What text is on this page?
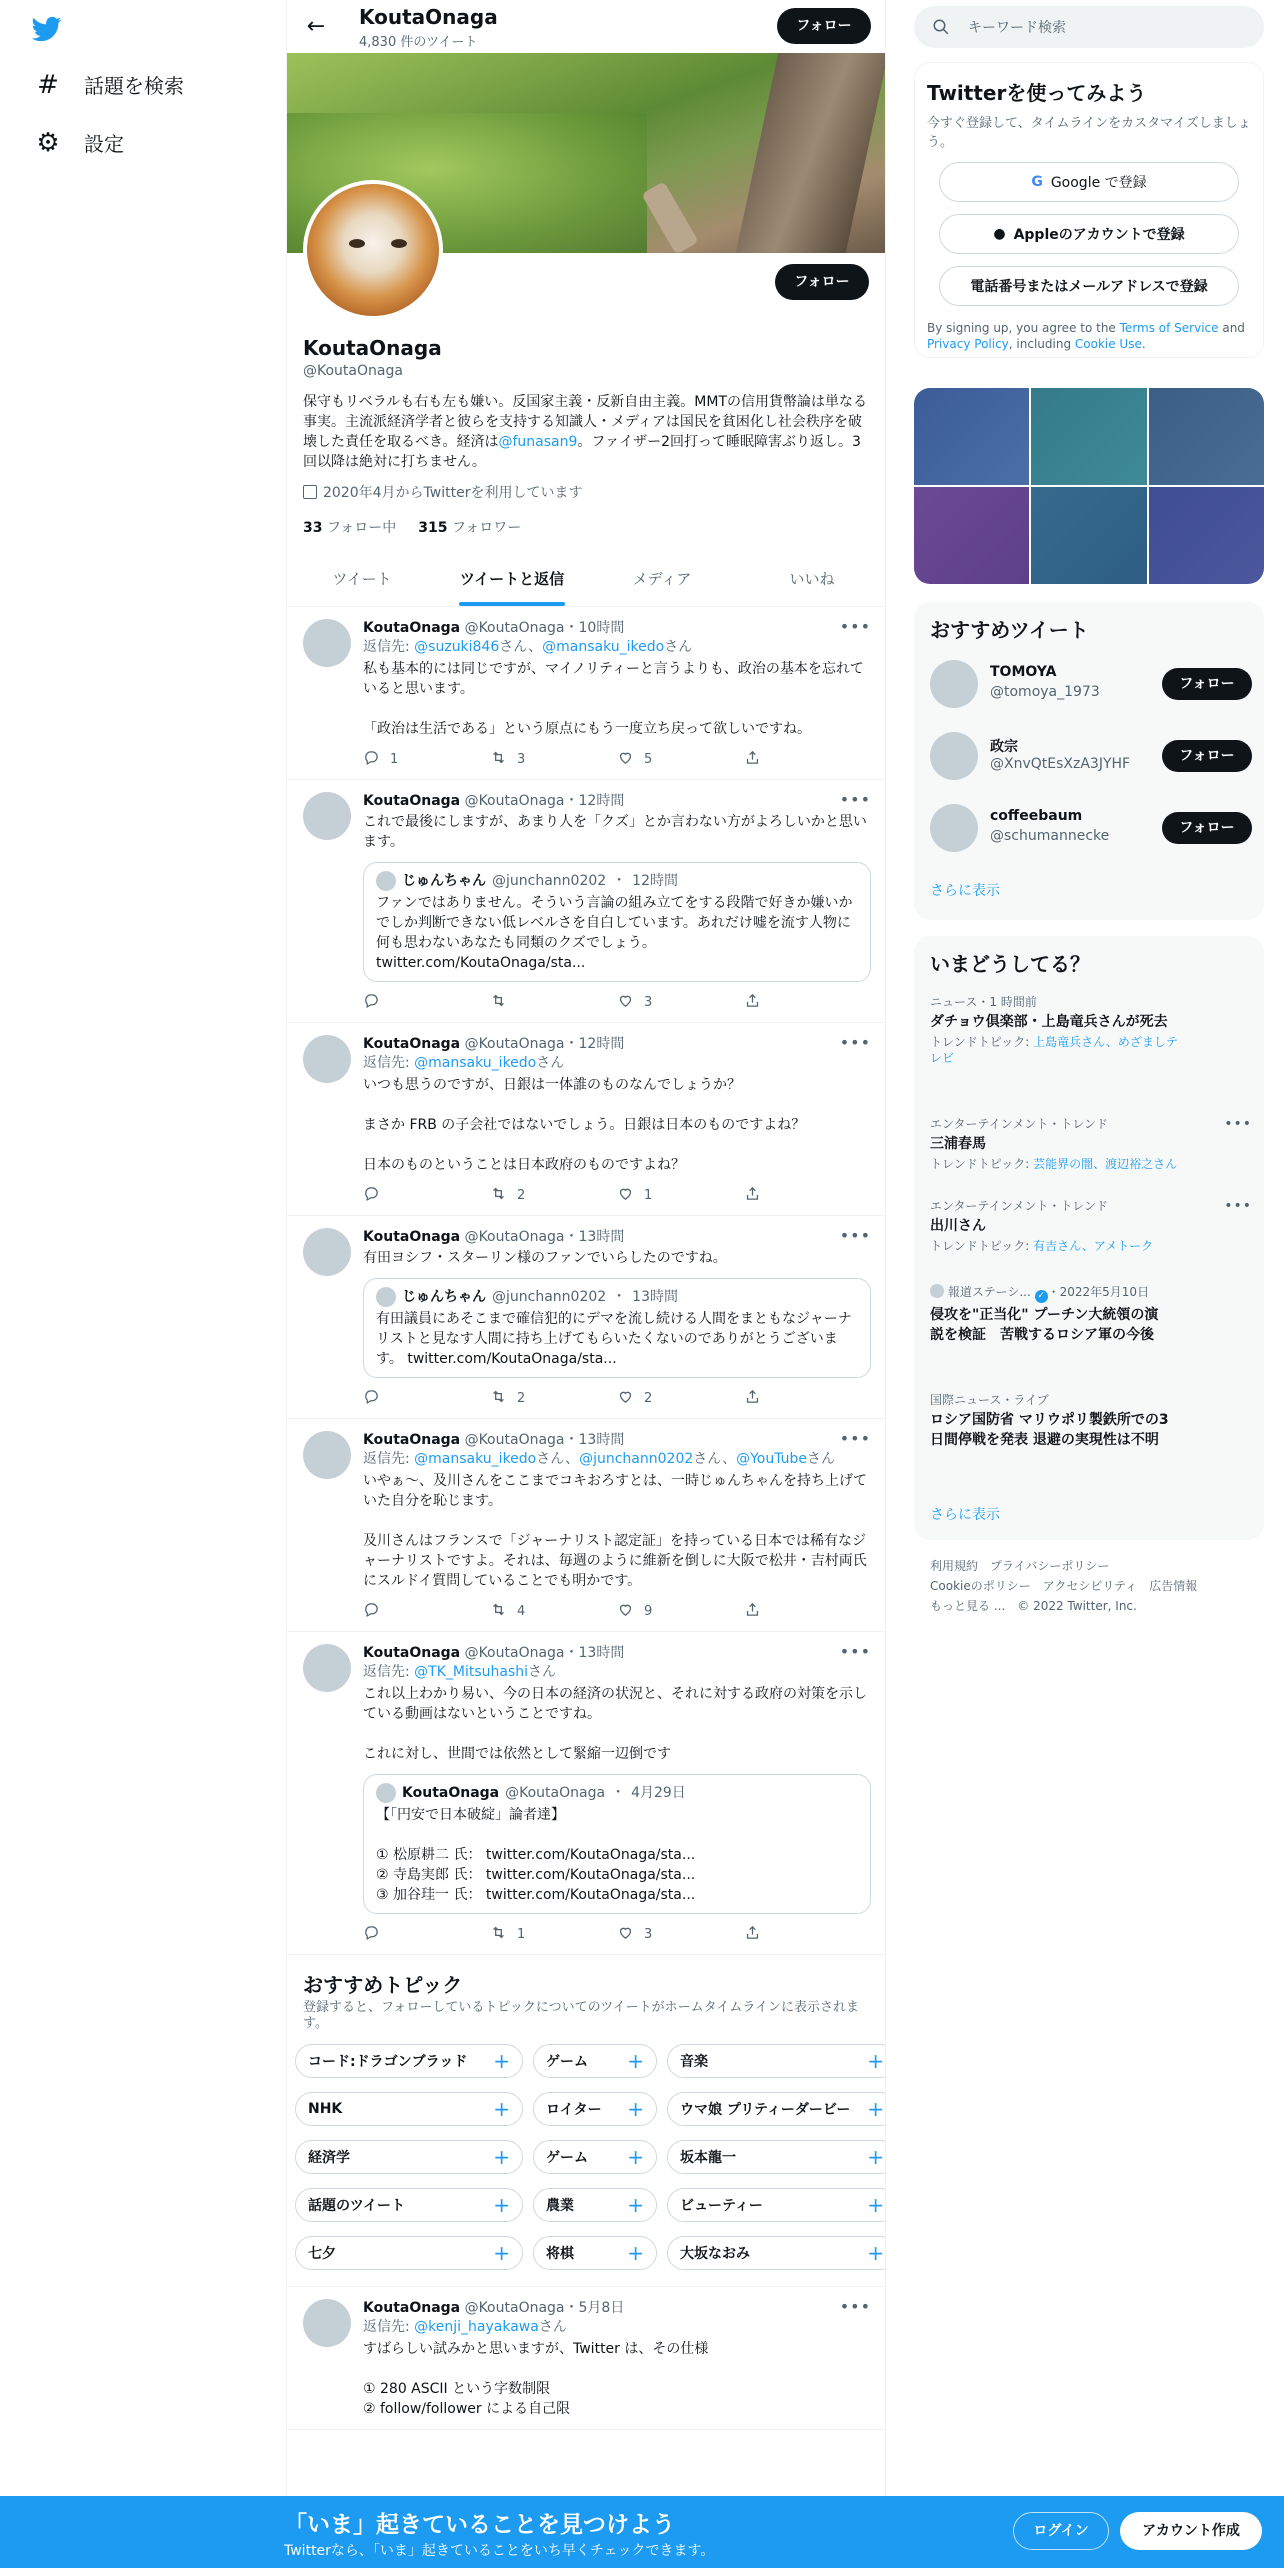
# 話題を検索
⚙ 設定
← KoutaOnaga
4,830 件のツイート
フォロー
フォロー
KoutaOnaga
@KoutaOnaga
保守もリベラルも右も左も嫌い。反国家主義・反新自由主義。MMTの信用貨幣論は単なる事実。主流派経済学者と彼らを支持する知識人・メディアは国民を貧困化し社会秩序を破壊した責任を取るべき。経済は@funasan9。ファイザー2回打って睡眠障害ぶり返し。3回以降は絶対に打ちません。
2020年4月からTwitterを利用しています
33 フォロー中 315 フォロワー
ツイート	ツイートと返信	メディア	いいね
•••
KoutaOnaga @KoutaOnaga・10時間
返信先: @suzuki846さん、@mansaku_ikedoさん
私も基本的には同じですが、マイノリティーと言うよりも、政治の基本を忘れていると思います。

「政治は生活である」という原点にもう一度立ち戻って欲しいですね。
1	3	5
•••
KoutaOnaga @KoutaOnaga・12時間
これで最後にしますが、あまり人を「クズ」とか言わない方がよろしいかと思います。
じゅんちゃん @junchann0202 ・ 12時間
ファンではありません。そういう言論の組み立てをする段階で好きか嫌いかでしか判断できない低レベルさを自白しています。あれだけ嘘を流す人物に何も思わないあなたも同類のクズでしょう。
twitter.com/KoutaOnaga/sta...
3
•••
KoutaOnaga @KoutaOnaga・12時間
返信先: @mansaku_ikedoさん
いつも思うのですが、日銀は一体誰のものなんでしょうか？

まさか FRB の子会社ではないでしょう。日銀は日本のものですよね？

日本のものということは日本政府のものですよね？
2	1
•••
KoutaOnaga @KoutaOnaga・13時間
有田ヨシフ・スターリン様のファンでいらしたのですね。
じゅんちゃん @junchann0202 ・ 13時間
有田議員にあそこまで確信犯的にデマを流し続ける人間をまともなジャーナリストと見なす人間に持ち上げてもらいたくないのでありがとうございます。 twitter.com/KoutaOnaga/sta...
2	2
•••
KoutaOnaga @KoutaOnaga・13時間
返信先: @mansaku_ikedoさん、@junchann0202さん、@YouTubeさん
いやぁ〜、及川さんをここまでコキおろすとは、一時じゅんちゃんを持ち上げていた自分を恥じます。

及川さんはフランスで「ジャーナリスト認定証」を持っている日本では稀有なジャーナリストですよ。それは、毎週のように維新を倒しに大阪で松井・吉村両氏にスルドイ質問していることでも明かです。
4	9
•••
KoutaOnaga @KoutaOnaga・13時間
返信先: @TK_Mitsuhashiさん
これ以上わかり易い、今の日本の経済の状況と、それに対する政府の対策を示している動画はないということですね。

これに対し、世間では依然として緊縮一辺倒です
KoutaOnaga @KoutaOnaga ・ 4月29日
【「円安で日本破綻」論者達】

① 松原耕二 氏： twitter.com/KoutaOnaga/sta...
② 寺島実郎 氏： twitter.com/KoutaOnaga/sta...
③ 加谷珪一 氏： twitter.com/KoutaOnaga/sta...
1	3
おすすめトピック
登録すると、フォローしているトピックについてのツイートがホームタイムラインに表示されます。
コード:ドラゴンブラッド +	ゲーム +	音楽	+
NHK	+	ロイター +	ウマ娘 プリティーダービー +
経済学	+	ゲーム +	坂本龍一	+
話題のツイート	+	農業	+	ビューティー	+
七夕	+	将棋	+	大坂なおみ	+
•••
KoutaOnaga @KoutaOnaga・5月8日
返信先: @kenji_hayakawaさん
すばらしい試みかと思いますが、Twitter は、その仕様

① 280 ASCII という字数制限
② follow/follower による自己限
キーワード検索
Twitterを使ってみよう
今すぐ登録して、タイムラインをカスタマイズしましょう。
G Google で登録
● Appleのアカウントで登録
電話番号またはメールアドレスで登録
By signing up, you agree to the Terms of Service and Privacy Policy, including Cookie Use.
おすすめツイート
TOMOYA
@tomoya_1973	フォロー
政宗
@XnvQtEsXzA3JYHF	フォロー
coffeebaum
@schumannecke	フォロー
さらに表示
いまどうしてる？
ニュース・1 時間前
ダチョウ倶楽部・上島竜兵さんが死去
トレンドトピック: 上島竜兵さん、めざましテレビ
エンターテインメント・トレンド
三浦春馬
トレンドトピック: 芸能界の闇、渡辺裕之さん
•••
エンターテインメント・トレンド
出川さん
トレンドトピック: 有吉さん、アメトーク
•••
報道ステーシ... ✓ ・2022年5月10日
侵攻を"正当化" プーチン大統領の演説を検証　苦戦するロシア軍の今後
国際ニュース・ライブ
ロシア国防省 マリウポリ製鉄所での3日間停戦を発表 退避の実現性は不明
さらに表示
利用規約 プライバシーポリシー
Cookieのポリシー アクセシビリティ 広告情報
もっと見る ... © 2022 Twitter, Inc.
「いま」起きていることを見つけよう
Twitterなら、「いま」起きていることをいち早くチェックできます。
ログイン	アカウント作成
